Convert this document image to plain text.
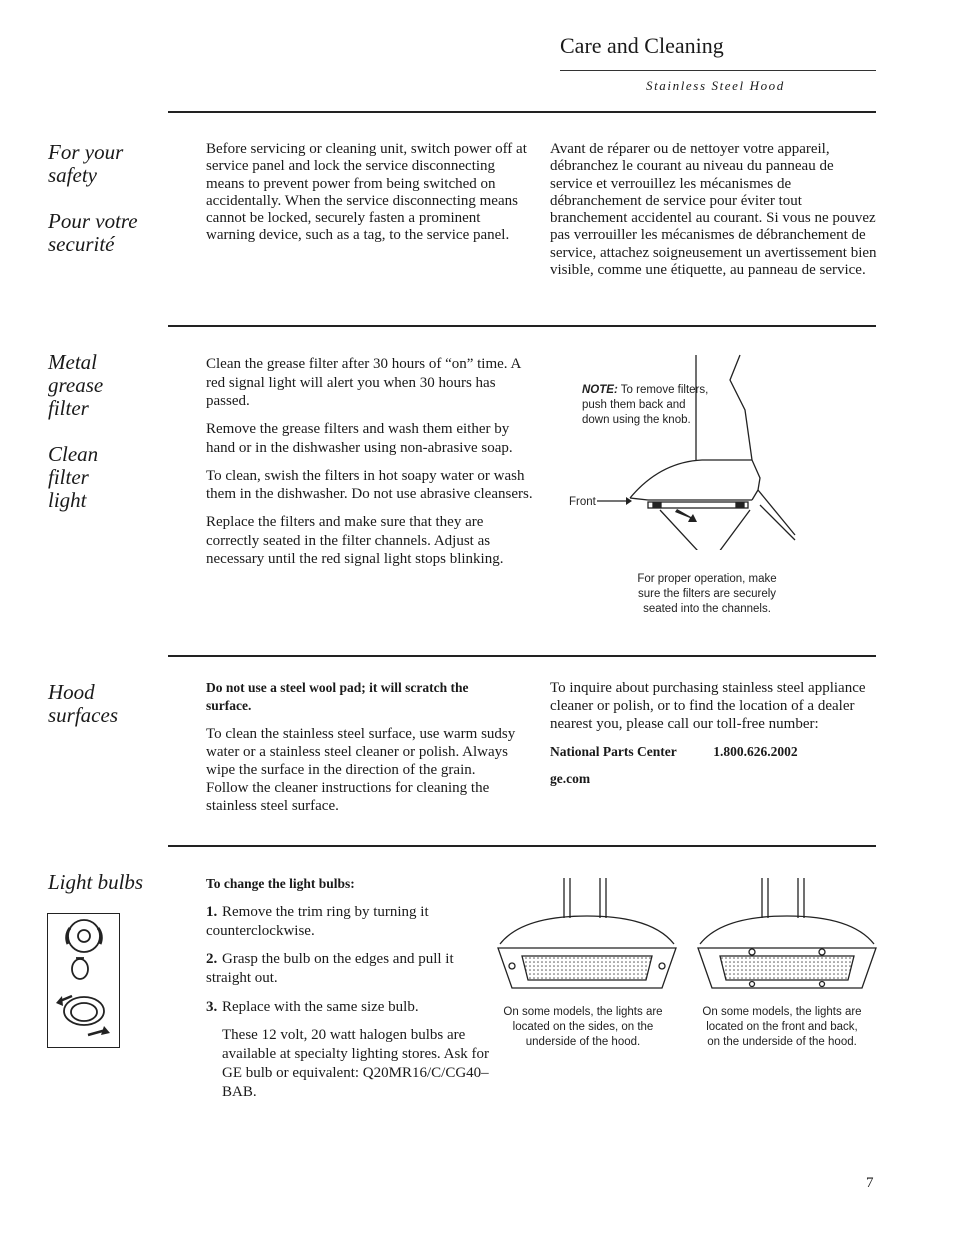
Care and Cleaning
Stainless Steel Hood

For your safety

Pour votre securité

Before servicing or cleaning unit, switch power off at service panel and lock the service disconnecting means to prevent power from being switched on accidentally. When the service disconnecting means cannot be locked, securely fasten a prominent warning device, such as a tag, to the service panel.
Avant de réparer ou de nettoyer votre appareil, débranchez le courant au niveau du panneau de service et verrouillez les mécanismes de débranchement de service pour éviter tout branchement accidentel au courant. Si vous ne pouvez pas verrouiller les mécanismes de débranchement de service, attachez soigneusement un avertissement bien visible, comme une étiquette, au panneau de service.

Metal grease filter

Clean filter light

Clean the grease filter after 30 hours of “on” time. A red signal light will alert you when 30 hours has passed.

Remove the grease filters and wash them either by hand or in the dishwasher using non-abrasive soap.

To clean, swish the filters in hot soapy water or wash them in the dishwasher. Do not use abrasive cleansers.

Replace the filters and make sure that they are correctly seated in the filter channels. Adjust as necessary until the red signal light stops blinking.

NOTE: To remove filters, push them back and down using the knob.
Front
For proper operation, make sure the filters are securely seated into the channels.
Hood surfaces

Do not use a steel wool pad; it will scratch the surface.

To clean the stainless steel surface, use warm sudsy water or a stainless steel cleaner or polish. Always wipe the surface in the direction of the grain. Follow the cleaner instructions for cleaning the stainless steel surface.

To inquire about purchasing stainless steel appliance cleaner or polish, or to find the location of a dealer nearest you, please call our toll-free number:

National Parts Center	1.800.626.2002

ge.com

Light bulbs	To change the light bulbs:

1. Remove the trim ring by turning it counterclockwise.

2. Grasp the bulb on the edges and pull it straight out.

3. Replace with the same size bulb.

These 12 volt, 20 watt halogen bulbs are available at specialty lighting stores. Ask for GE bulb or equivalent: Q20MR16/C/CG40–BAB.

On some models, the lights are located on the sides, on the underside of the hood.
On some models, the lights are located on the front and back, on the underside of the hood.
7
